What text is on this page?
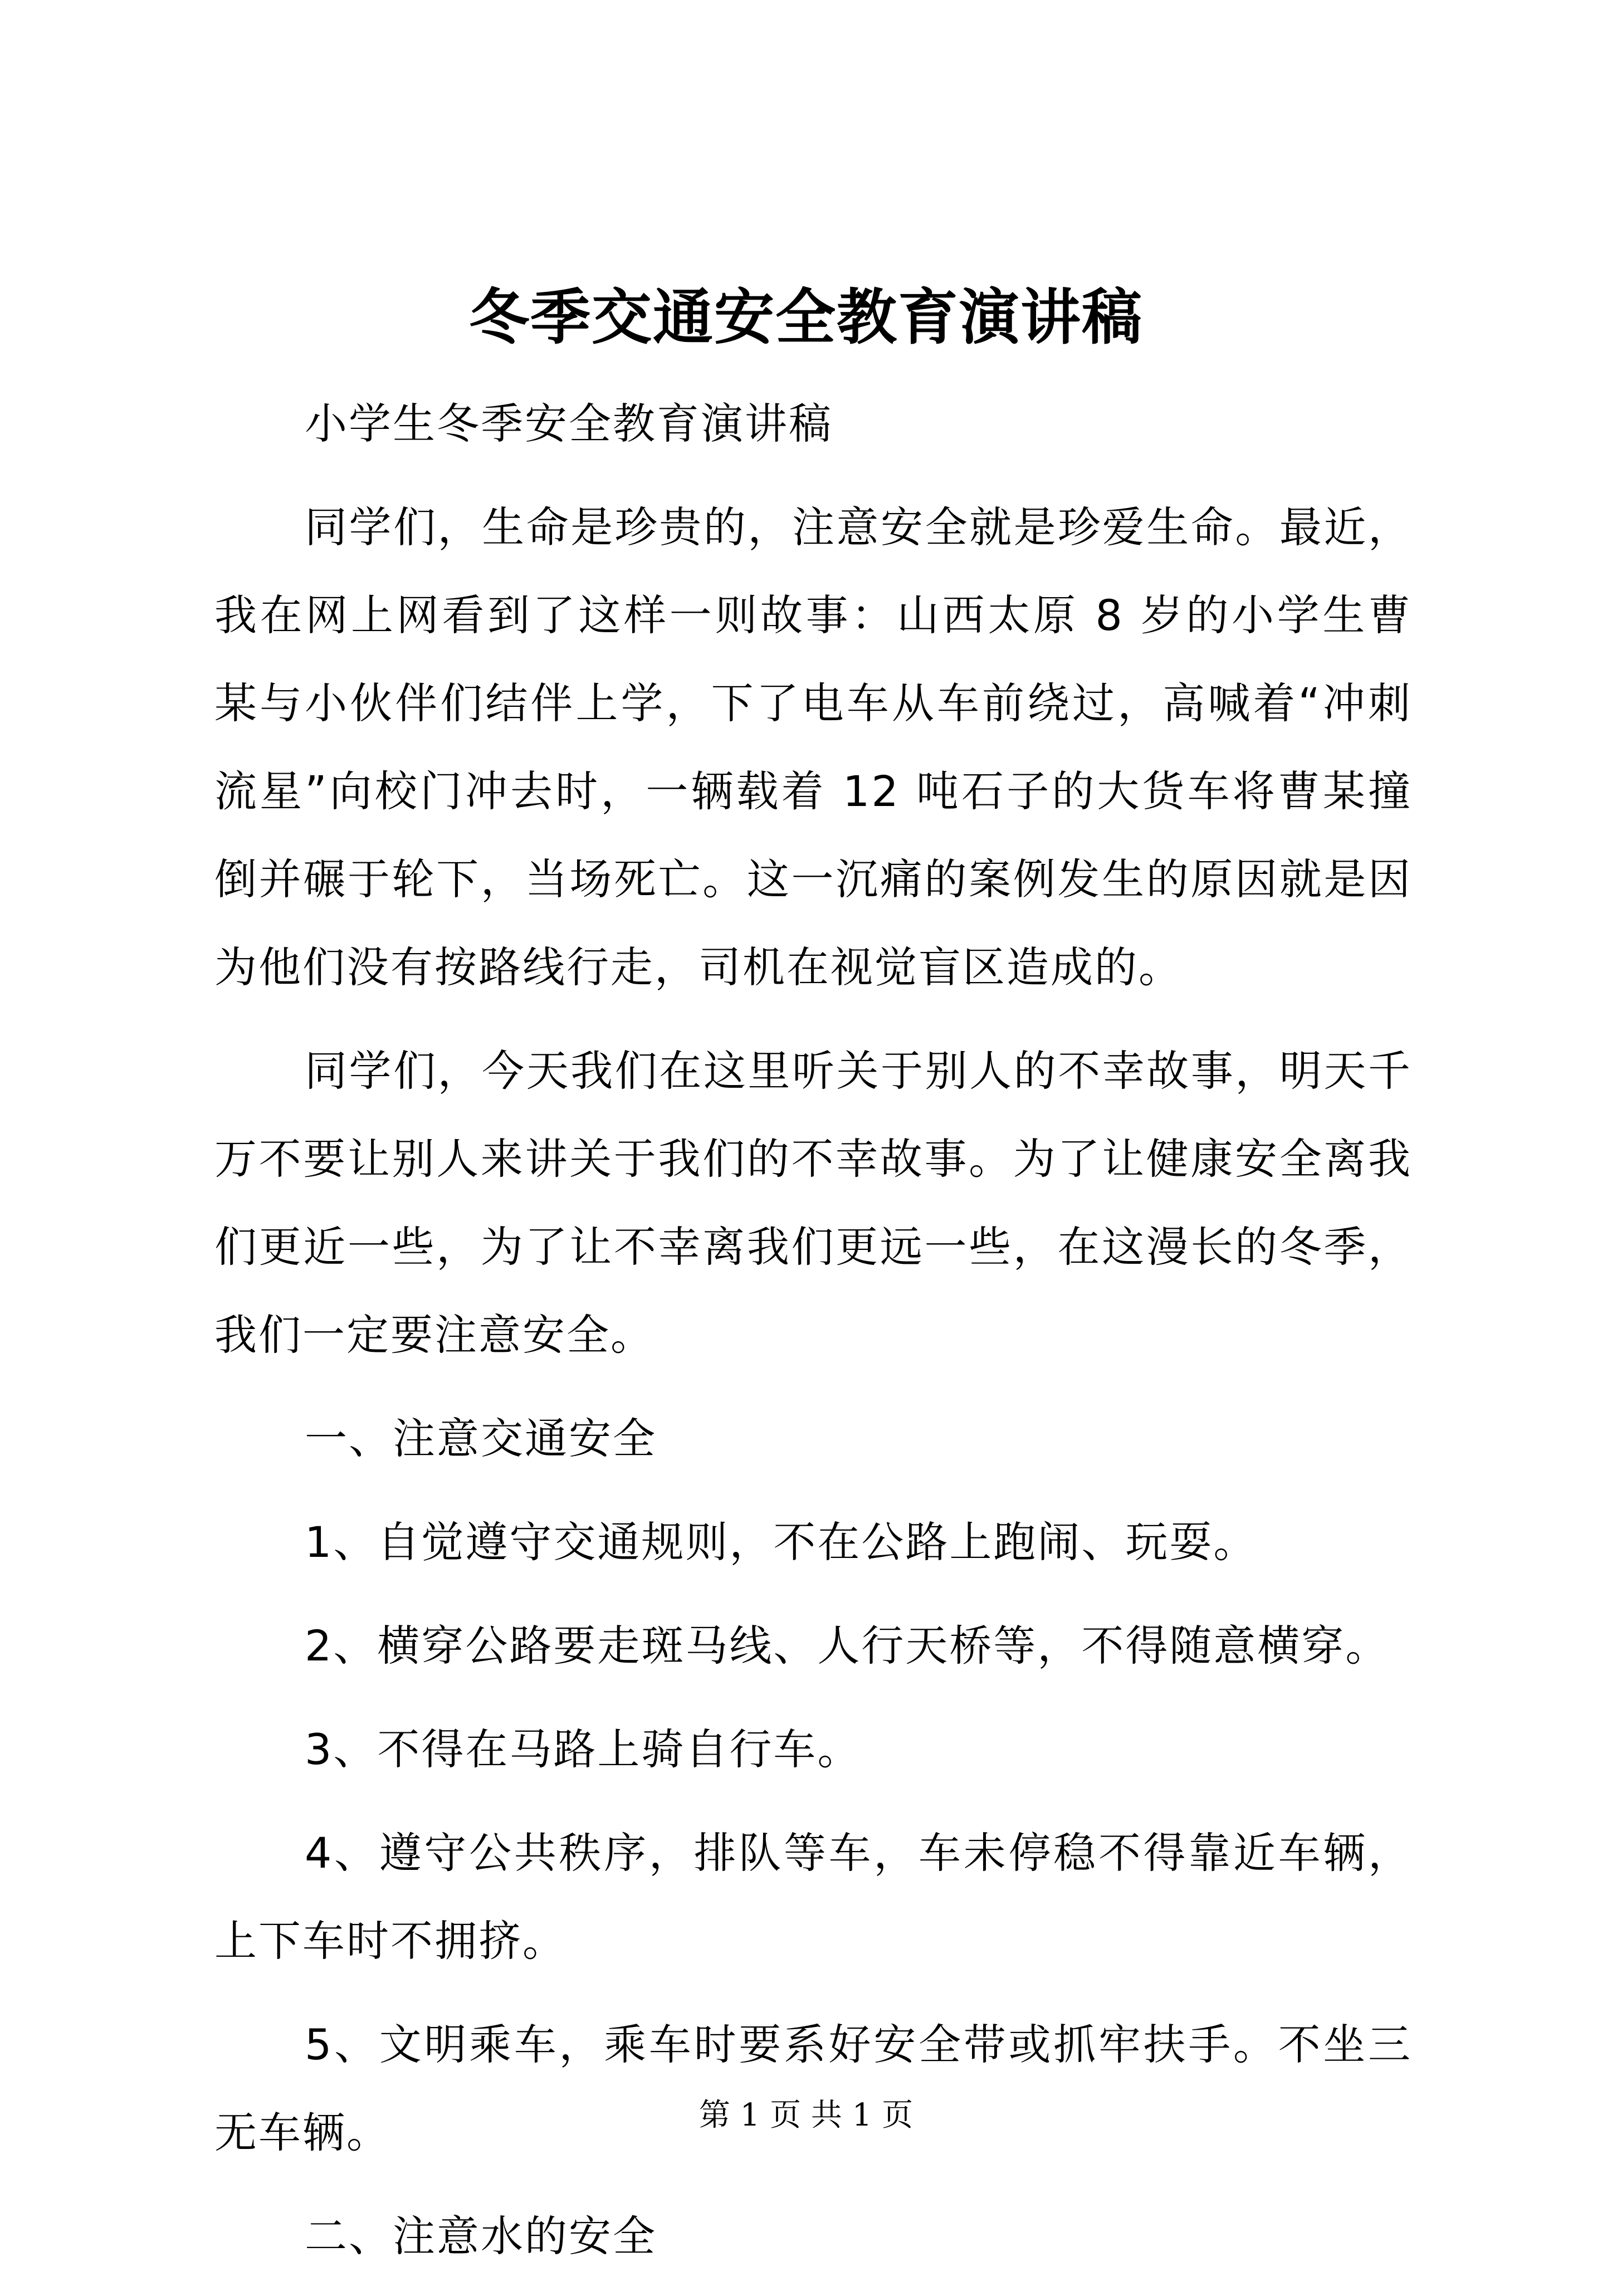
冬季交通安全教育演讲稿

小学生冬季安全教育演讲稿

同学们，生命是珍贵的，注意安全就是珍爱生命。最近，我在网上网看到了这样一则故事：山西太原 8 岁的小学生曹某与小伙伴们结伴上学，下了电车从车前绕过，高喊着“冲刺流星”向校门冲去时，一辆载着 12 吨石子的大货车将曹某撞倒并碾于轮下，当场死亡。这一沉痛的案例发生的原因就是因为他们没有按路线行走，司机在视觉盲区造成的。

同学们，今天我们在这里听关于别人的不幸故事，明天千万不要让别人来讲关于我们的不幸故事。为了让健康安全离我们更近一些，为了让不幸离我们更远一些，在这漫长的冬季，我们一定要注意安全。

一、注意交通安全

1、自觉遵守交通规则，不在公路上跑闹、玩耍。

2、横穿公路要走斑马线、人行天桥等，不得随意横穿。

3、不得在马路上骑自行车。

4、遵守公共秩序，排队等车，车未停稳不得靠近车辆，上下车时不拥挤。

5、文明乘车，乘车时要系好安全带或抓牢扶手。不坐三无车辆。

二、注意水的安全

第 1 页 共 1 页
